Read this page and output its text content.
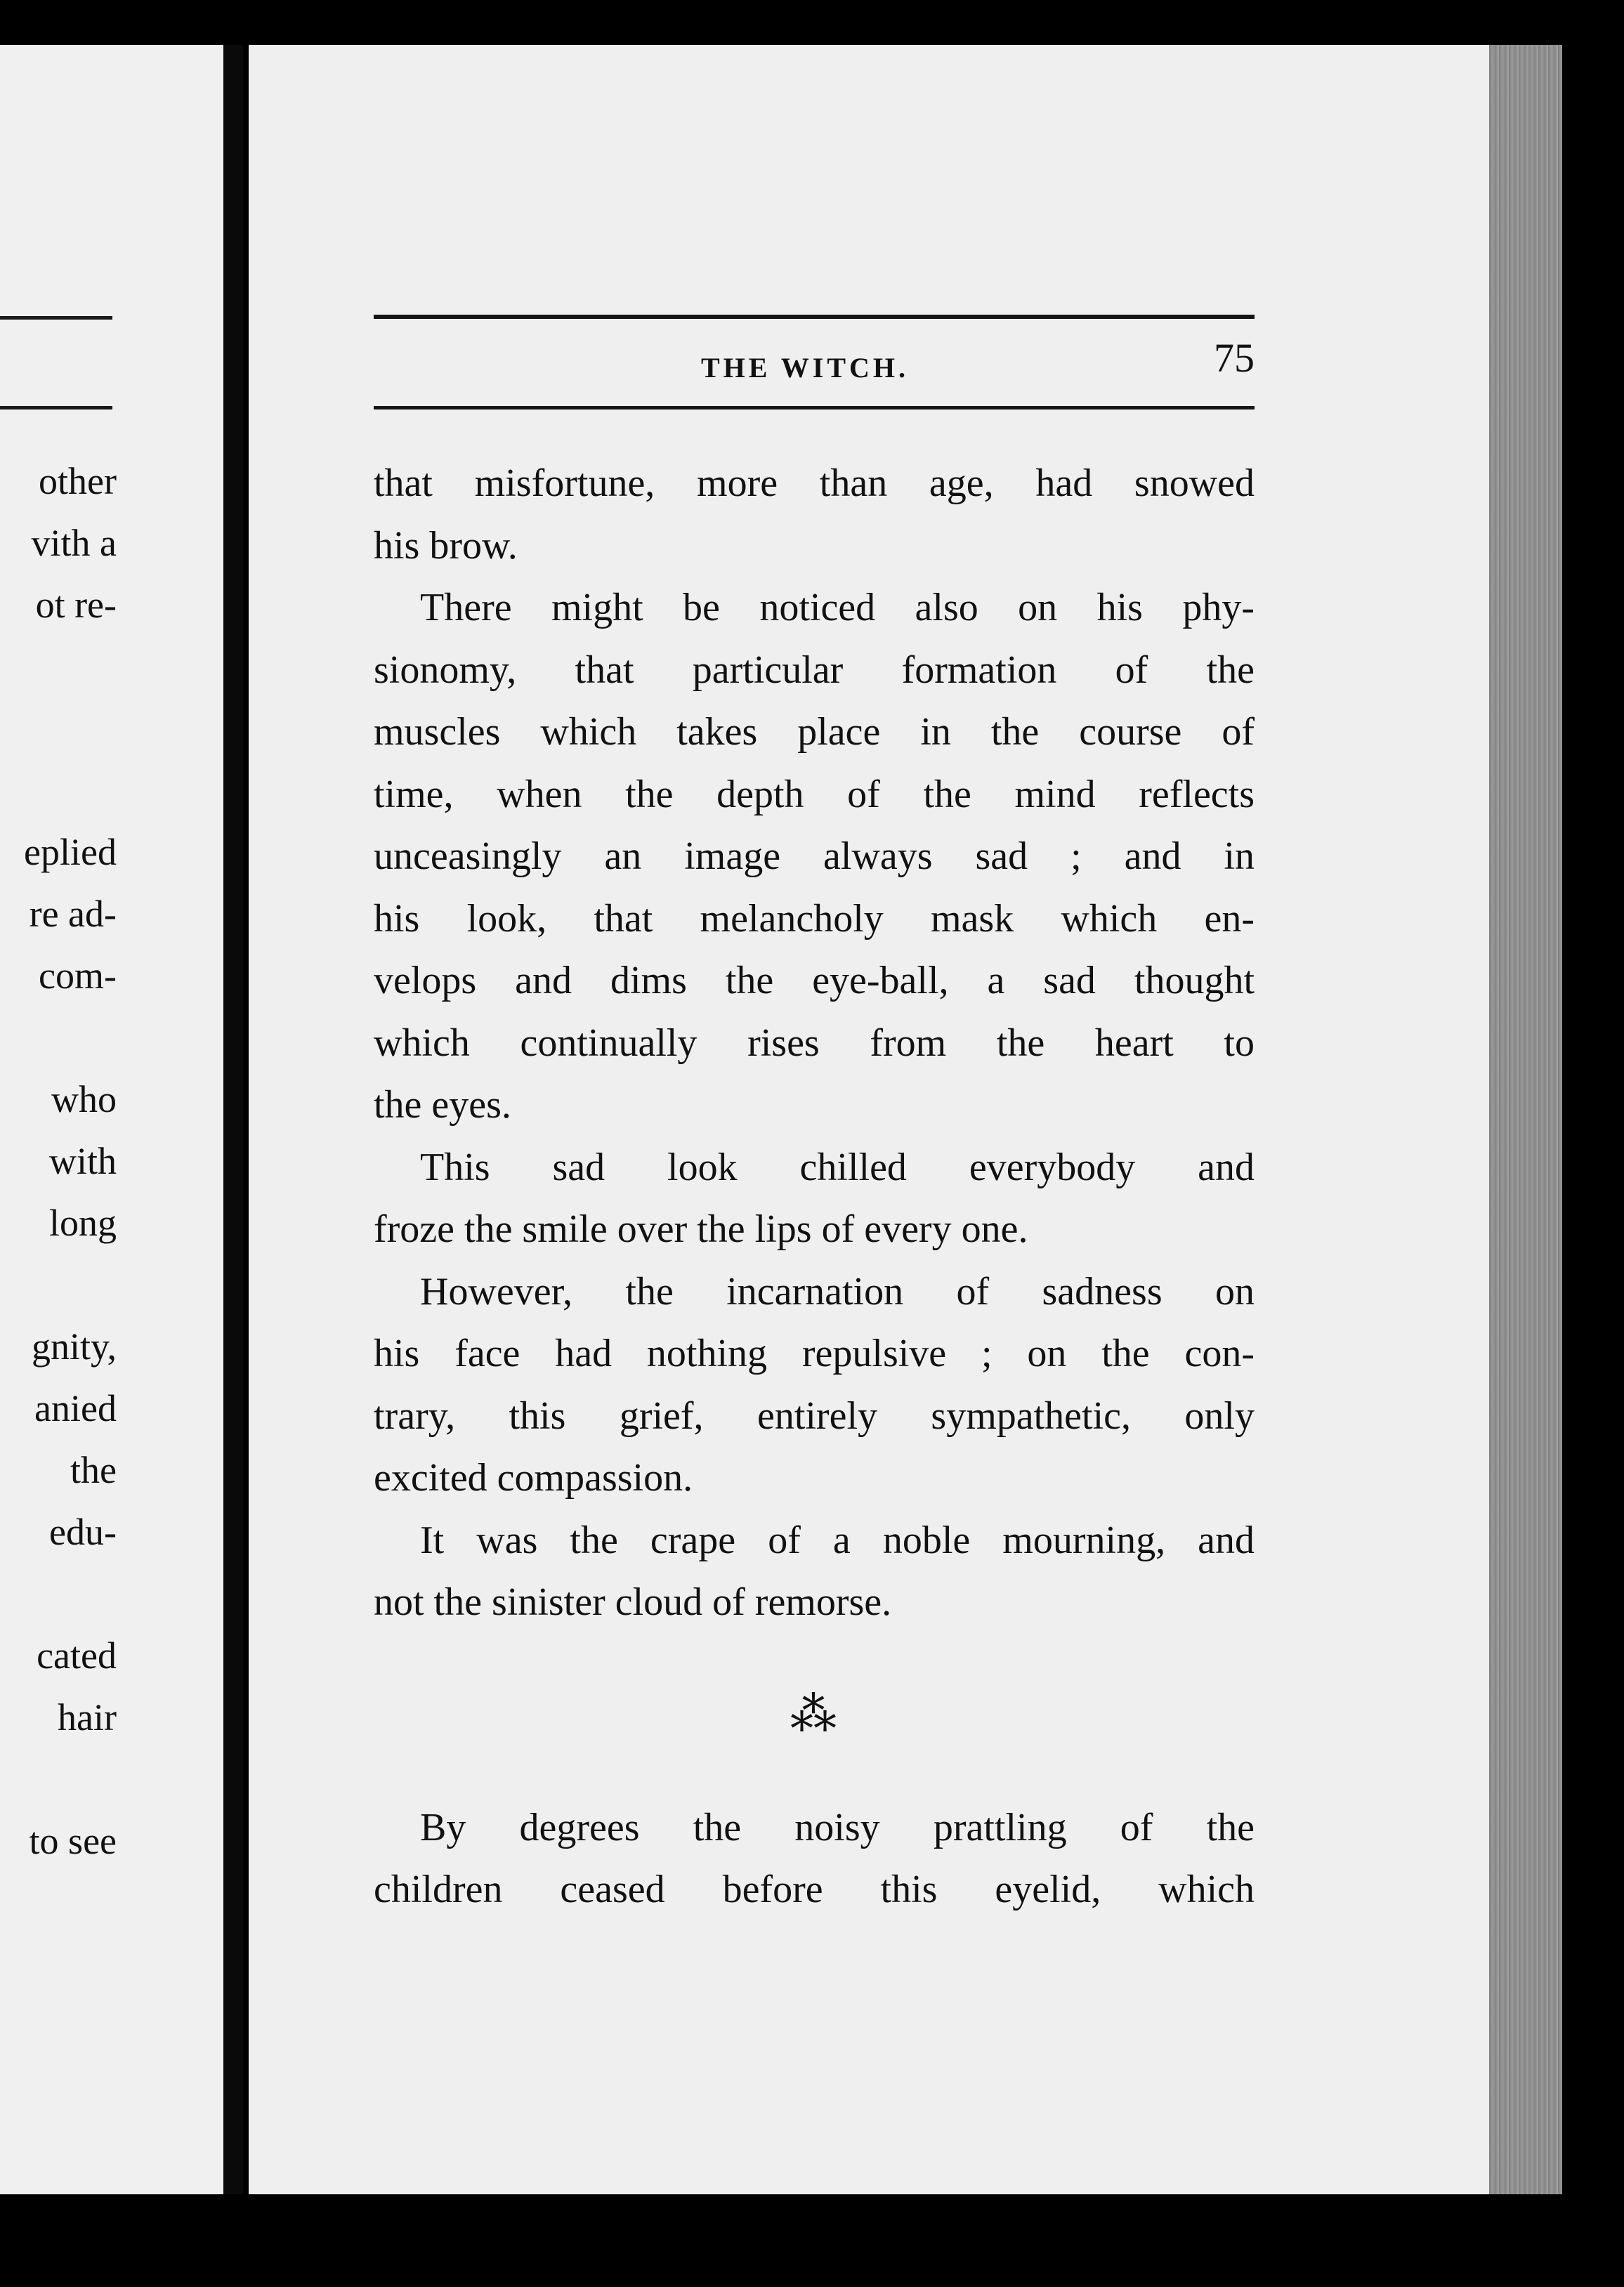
other
vith a
ot re-
eplied
re ad-
com-
who
with
long
gnity,
anied
the
edu-
cated
hair
to see
THE WITCH.	75
that misfortune, more than age, had snowed
his brow.
There might be noticed also on his phy-
sionomy, that particular formation of the
muscles which takes place in the course of
time, when the depth of the mind reflects
unceasingly an image always sad ; and in
his look, that melancholy mask which en-
velops and dims the eye-ball, a sad thought
which continually rises from the heart to
the eyes.
This sad look chilled everybody and
froze the smile over the lips of every one.
However, the incarnation of sadness on
his face had nothing repulsive ; on the con-
trary, this grief, entirely sympathetic, only
excited compassion.
It was the crape of a noble mourning, and
not the sinister cloud of remorse.
⁂
By degrees the noisy prattling of the
children ceased before this eyelid, which
